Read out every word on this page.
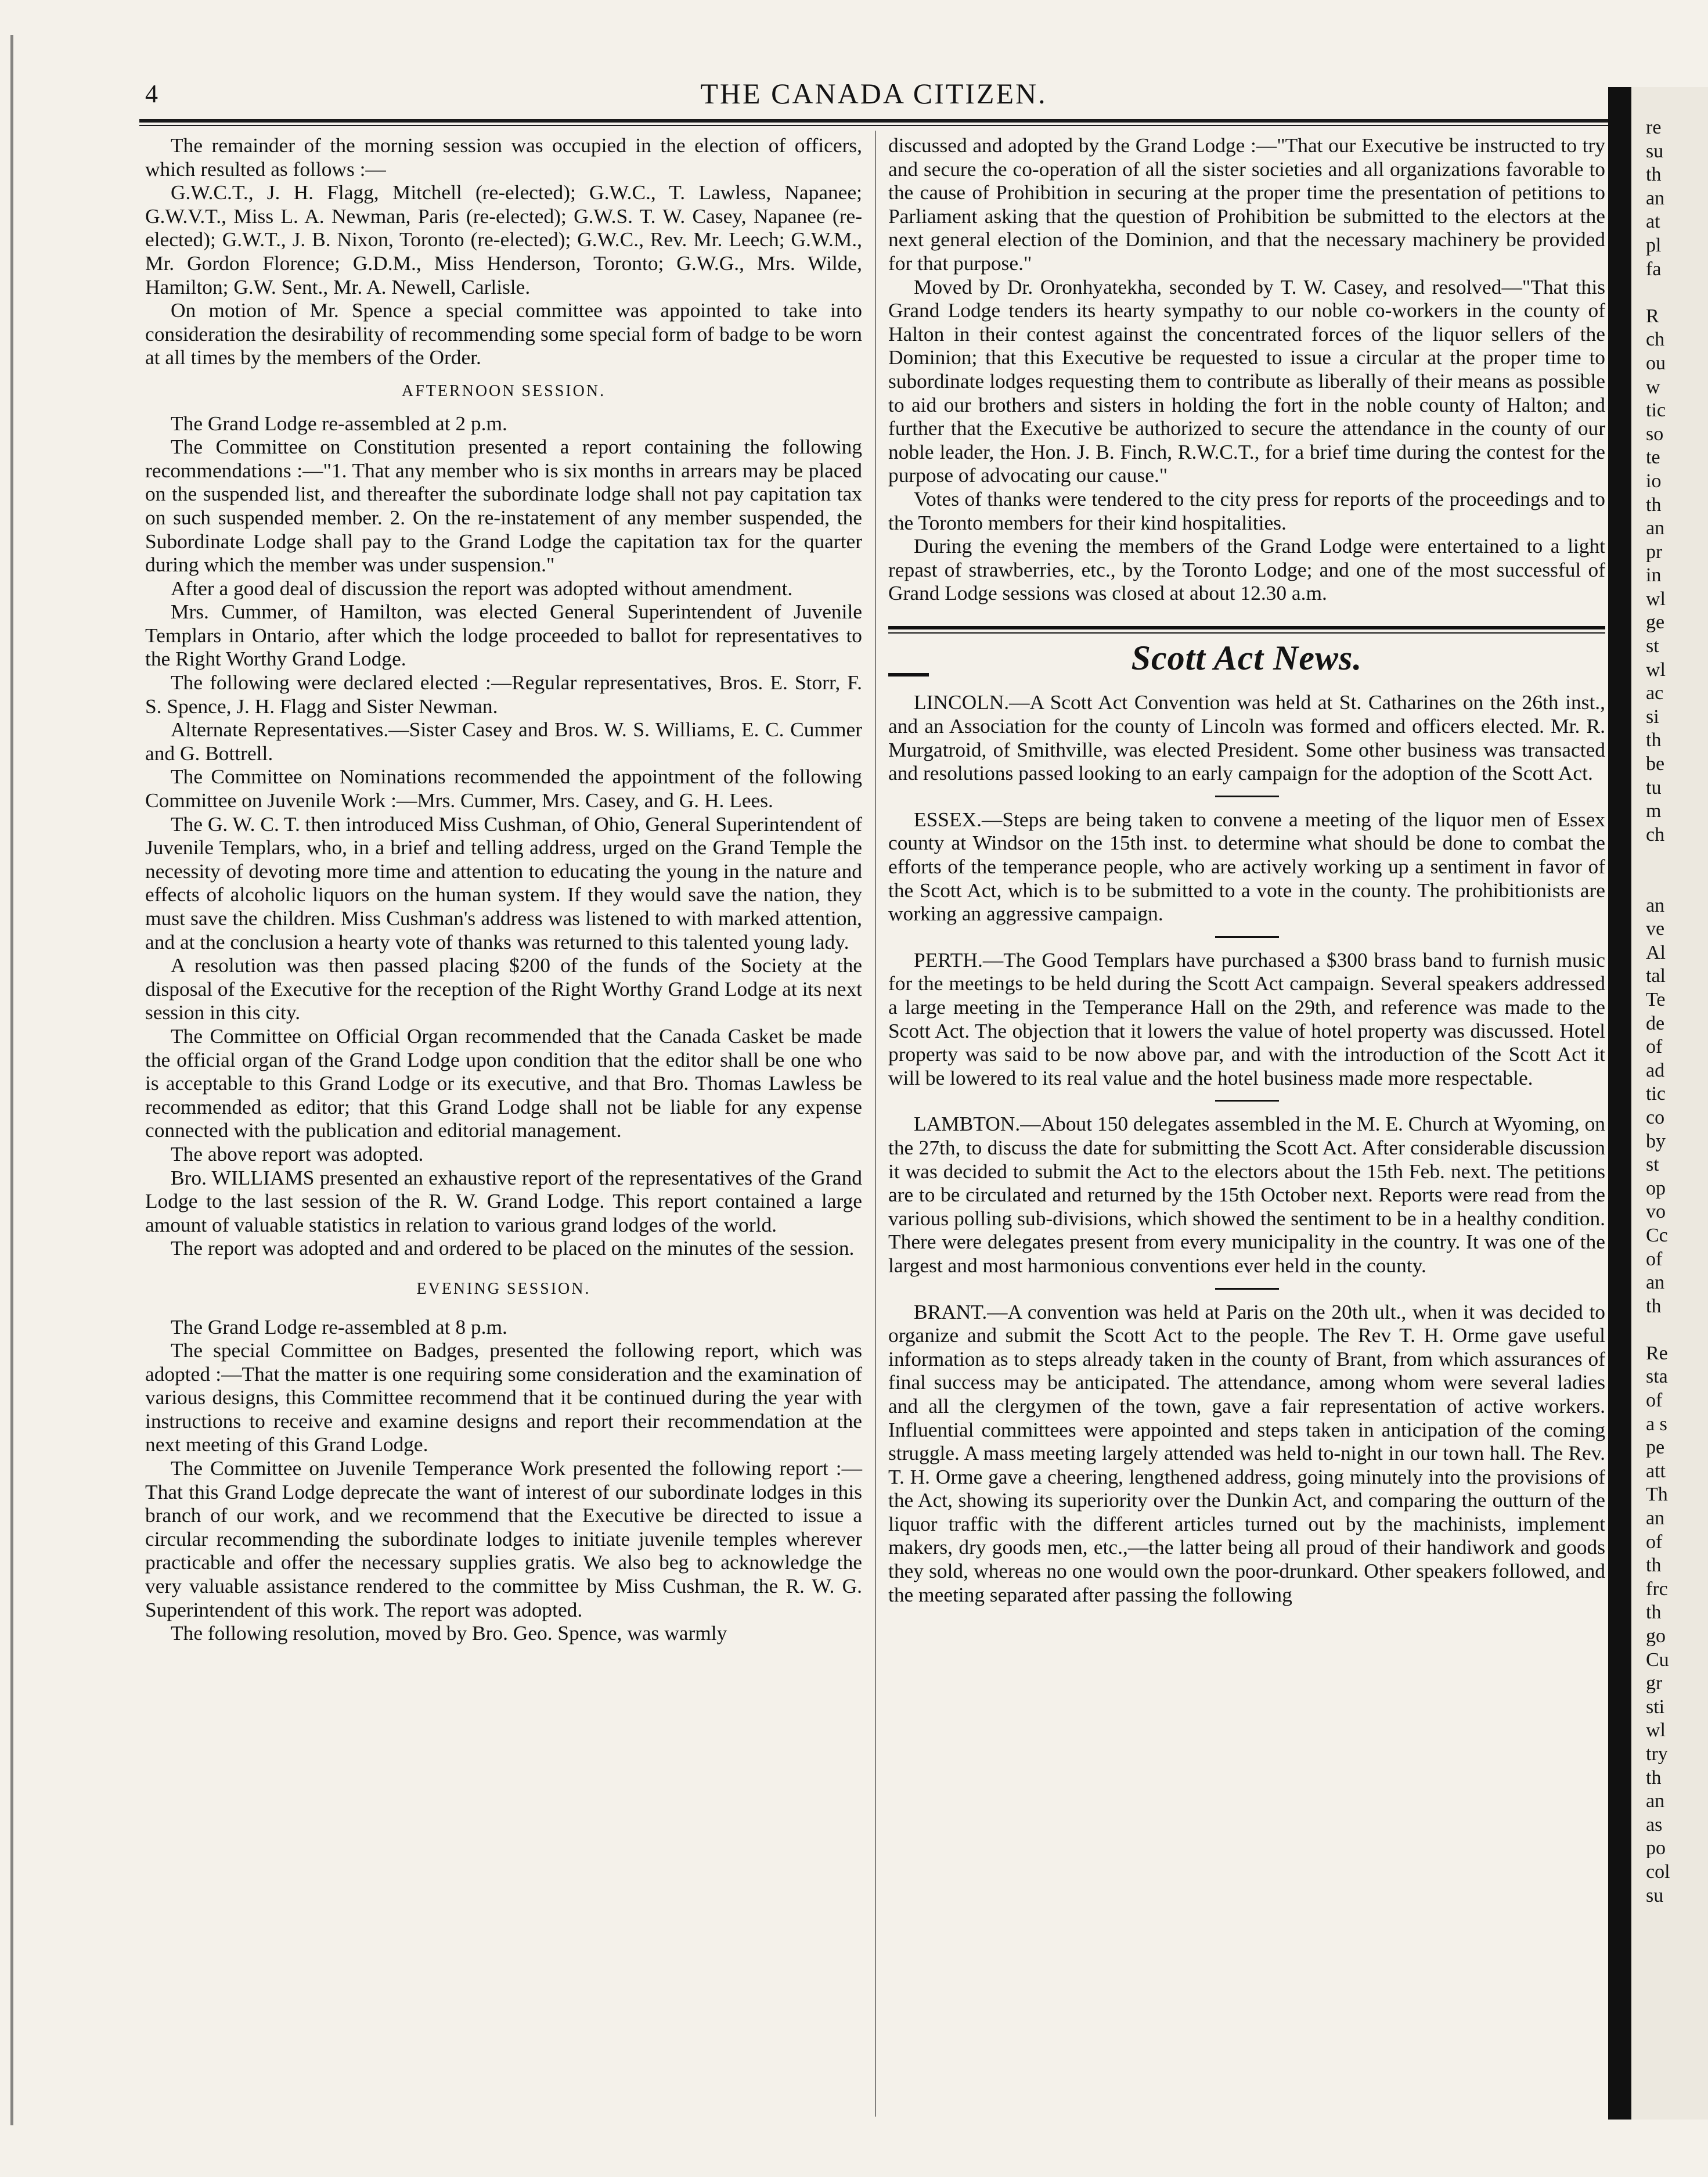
4	THE CANADA CITIZEN.

The remainder of the morning session was occupied in the election of officers, which resulted as follows :—

G.W.C.T., J. H. Flagg, Mitchell (re-elected); G.W.C., T. Lawless, Napanee; G.W.V.T., Miss L. A. Newman, Paris (re-elected); G.W.S. T. W. Casey, Napanee (re-elected); G.W.T., J. B. Nixon, Toronto (re-elected); G.W.C., Rev. Mr. Leech; G.W.M., Mr. Gordon Florence; G.D.M., Miss Henderson, Toronto; G.W.G., Mrs. Wilde, Hamilton; G.W. Sent., Mr. A. Newell, Carlisle.

On motion of Mr. Spence a special committee was appointed to take into consideration the desirability of recommending some special form of badge to be worn at all times by the members of the Order.

AFTERNOON SESSION.

The Grand Lodge re-assembled at 2 p.m.

The Committee on Constitution presented a report containing the following recommendations :—"1. That any member who is six months in arrears may be placed on the suspended list, and thereafter the subordinate lodge shall not pay capitation tax on such suspended member. 2. On the re-instatement of any member suspended, the Subordinate Lodge shall pay to the Grand Lodge the capitation tax for the quarter during which the member was under suspension."

After a good deal of discussion the report was adopted without amendment.

Mrs. Cummer, of Hamilton, was elected General Superintendent of Juvenile Templars in Ontario, after which the lodge proceeded to ballot for representatives to the Right Worthy Grand Lodge.

The following were declared elected :—Regular representatives, Bros. E. Storr, F. S. Spence, J. H. Flagg and Sister Newman.

Alternate Representatives.—Sister Casey and Bros. W. S. Williams, E. C. Cummer and G. Bottrell.

The Committee on Nominations recommended the appointment of the following Committee on Juvenile Work :—Mrs. Cummer, Mrs. Casey, and G. H. Lees.

The G. W. C. T. then introduced Miss Cushman, of Ohio, General Superintendent of Juvenile Templars, who, in a brief and telling address, urged on the Grand Temple the necessity of devoting more time and attention to educating the young in the nature and effects of alcoholic liquors on the human system. If they would save the nation, they must save the children. Miss Cushman's address was listened to with marked attention, and at the conclusion a hearty vote of thanks was returned to this talented young lady.

A resolution was then passed placing $200 of the funds of the Society at the disposal of the Executive for the reception of the Right Worthy Grand Lodge at its next session in this city.

The Committee on Official Organ recommended that the Canada Casket be made the official organ of the Grand Lodge upon condition that the editor shall be one who is acceptable to this Grand Lodge or its executive, and that Bro. Thomas Lawless be recommended as editor; that this Grand Lodge shall not be liable for any expense connected with the publication and editorial management.

The above report was adopted.

Bro. WILLIAMS presented an exhaustive report of the representatives of the Grand Lodge to the last session of the R. W. Grand Lodge. This report contained a large amount of valuable statistics in relation to various grand lodges of the world.

The report was adopted and and ordered to be placed on the minutes of the session.

EVENING SESSION.

The Grand Lodge re-assembled at 8 p.m.

The special Committee on Badges, presented the following report, which was adopted :—That the matter is one requiring some consideration and the examination of various designs, this Committee recommend that it be continued during the year with instructions to receive and examine designs and report their recommendation at the next meeting of this Grand Lodge.

The Committee on Juvenile Temperance Work presented the following report :—That this Grand Lodge deprecate the want of interest of our subordinate lodges in this branch of our work, and we recommend that the Executive be directed to issue a circular recommending the subordinate lodges to initiate juvenile temples wherever practicable and offer the necessary supplies gratis. We also beg to acknowledge the very valuable assistance rendered to the committee by Miss Cushman, the R. W. G. Superintendent of this work. The report was adopted.

The following resolution, moved by Bro. Geo. Spence, was warmly

discussed and adopted by the Grand Lodge :—"That our Executive be instructed to try and secure the co-operation of all the sister societies and all organizations favorable to the cause of Prohibition in securing at the proper time the presentation of petitions to Parliament asking that the question of Prohibition be submitted to the electors at the next general election of the Dominion, and that the necessary machinery be provided for that purpose."

Moved by Dr. Oronhyatekha, seconded by T. W. Casey, and resolved—"That this Grand Lodge tenders its hearty sympathy to our noble co-workers in the county of Halton in their contest against the concentrated forces of the liquor sellers of the Dominion; that this Executive be requested to issue a circular at the proper time to subordinate lodges requesting them to contribute as liberally of their means as possible to aid our brothers and sisters in holding the fort in the noble county of Halton; and further that the Executive be authorized to secure the attendance in the county of our noble leader, the Hon. J. B. Finch, R.W.C.T., for a brief time during the contest for the purpose of advocating our cause."

Votes of thanks were tendered to the city press for reports of the proceedings and to the Toronto members for their kind hospitalities.

During the evening the members of the Grand Lodge were entertained to a light repast of strawberries, etc., by the Toronto Lodge; and one of the most successful of Grand Lodge sessions was closed at about 12.30 a.m.

Scott Act News.

LINCOLN.—A Scott Act Convention was held at St. Catharines on the 26th inst., and an Association for the county of Lincoln was formed and officers elected. Mr. R. Murgatroid, of Smithville, was elected President. Some other business was transacted and resolutions passed looking to an early campaign for the adoption of the Scott Act.

ESSEX.—Steps are being taken to convene a meeting of the liquor men of Essex county at Windsor on the 15th inst. to determine what should be done to combat the efforts of the temperance people, who are actively working up a sentiment in favor of the Scott Act, which is to be submitted to a vote in the county. The prohibitionists are working an aggressive campaign.

PERTH.—The Good Templars have purchased a $300 brass band to furnish music for the meetings to be held during the Scott Act campaign. Several speakers addressed a large meeting in the Temperance Hall on the 29th, and reference was made to the Scott Act. The objection that it lowers the value of hotel property was discussed. Hotel property was said to be now above par, and with the introduction of the Scott Act it will be lowered to its real value and the hotel business made more respectable.

LAMBTON.—About 150 delegates assembled in the M. E. Church at Wyoming, on the 27th, to discuss the date for submitting the Scott Act. After considerable discussion it was decided to submit the Act to the electors about the 15th Feb. next. The petitions are to be circulated and returned by the 15th October next. Reports were read from the various polling sub-divisions, which showed the sentiment to be in a healthy condition. There were delegates present from every municipality in the country. It was one of the largest and most harmonious conventions ever held in the county.

BRANT.—A convention was held at Paris on the 20th ult., when it was decided to organize and submit the Scott Act to the people. The Rev T. H. Orme gave useful information as to steps already taken in the county of Brant, from which assurances of final success may be anticipated. The attendance, among whom were several ladies and all the clergymen of the town, gave a fair representation of active workers. Influential committees were appointed and steps taken in anticipation of the coming struggle. A mass meeting largely attended was held to-night in our town hall. The Rev. T. H. Orme gave a cheering, lengthened address, going minutely into the provisions of the Act, showing its superiority over the Dunkin Act, and comparing the outturn of the liquor traffic with the different articles turned out by the machinists, implement makers, dry goods men, etc.,—the latter being all proud of their handiwork and goods they sold, whereas no one would own the poor-drunkard. Other speakers followed, and the meeting separated after passing the following

re
su
th
an
at
pl
fa

R
ch
ou
w
tic
so
te
io
th
an
pr
in
wl
ge
st
wl
ac
si
th
be
tu
m
ch

an
ve
Al
tal
Te
de
of
ad
tic
co
by
st
op
vo
Cc
of
an
th

Re
sta
of
a s
pe
att
Th
an
of
th
frc
th
go
Cu
gr
sti
wl
try
th
an
as
po
col
su
